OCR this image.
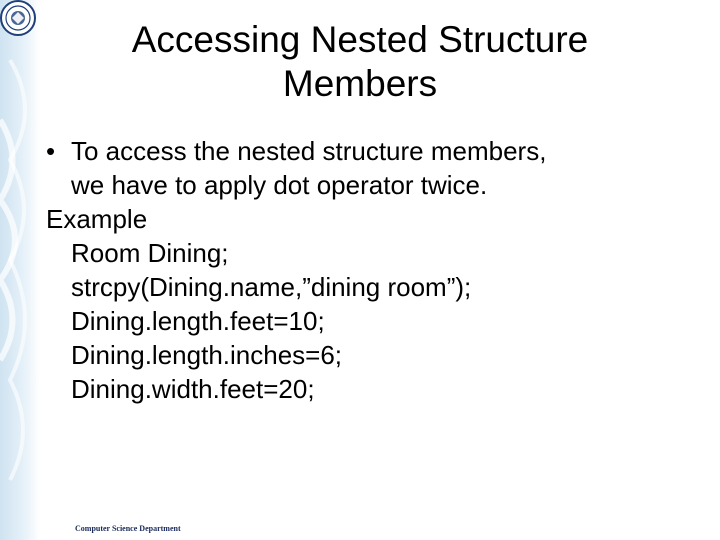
Accessing Nested Structure
Members
• To access the nested structure members,
we have to apply dot operator twice.
Example
Room Dining;
strcpy(Dining.name,”dining room”);
Dining.length.feet=10;
Dining.length.inches=6;
Dining.width.feet=20;
Computer Science Department
